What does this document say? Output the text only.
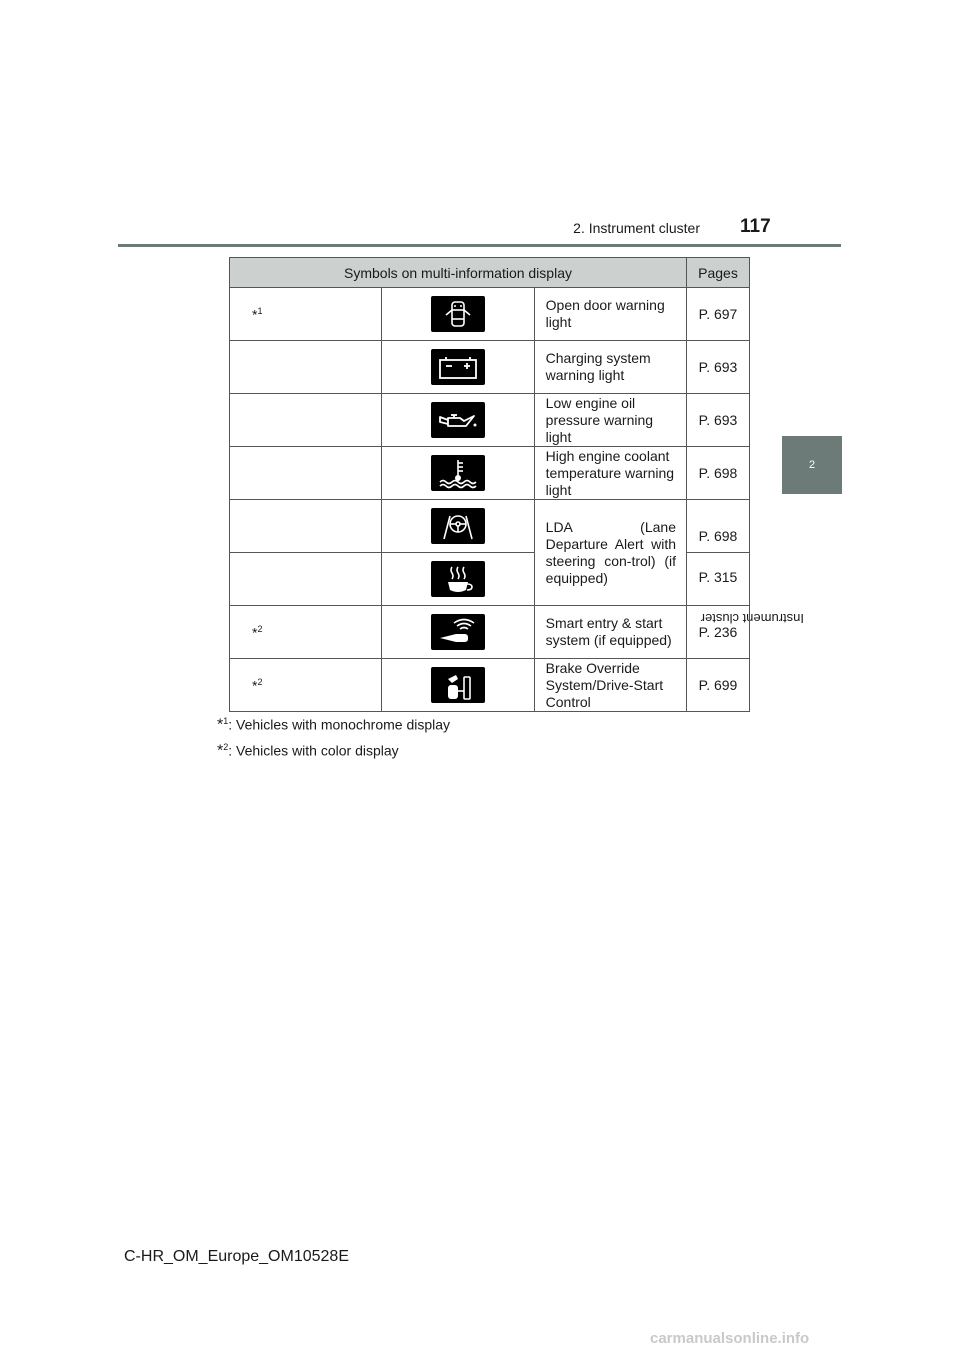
2. Instrument cluster 117
2
Instrument cluster
Symbols on multi-information display			Pages
*$^1$		Open door warning light	P. 697

	Charging system warning light	P. 693

	Low engine oil pressure warning light	P. 693

	High engine coolant temperature warning light	P. 698

	LDA (Lane Departure Alert with steering con-trol) (if equipped)	P. 698

	P. 315
*$^2$		Smart entry & start system (if equipped)	P. 236
*$^2$		Brake Override System/Drive-Start Control	P. 699
*$^1$: Vehicles with monochrome display
*$^2$: Vehicles with color display
C-HR_OM_Europe_OM10528E
carmanualsonline.info
